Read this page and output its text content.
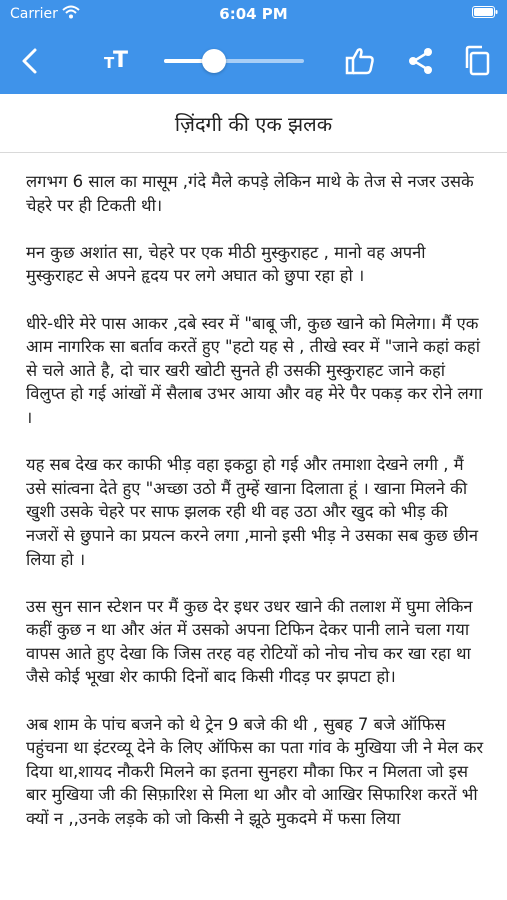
Carrier	6:04 PM
T
T
ज़िंदगी की एक झलक

लगभग 6 साल का मासूम ,गंदे मैले कपड़े लेकिन माथे के तेज से नजर उसके चेहरे पर ही टिकती थी।

मन कुछ अशांत सा, चेहरे पर एक मीठी मुस्कुराहट , मानो वह अपनी मुस्कुराहट से अपने हृदय पर लगे अघात को छुपा रहा हो ।

धीरे-धीरे मेरे पास आकर ,दबे स्वर में "बाबू जी, कुछ खाने को मिलेगा। मैं एक आम नागरिक सा बर्ताव करतें हुए "हटो यह से , तीखे स्वर में "जाने कहां कहां से चले आते है, दो चार खरी खोटी सुनते ही उसकी मुस्कुराहट जाने कहां विलुप्त हो गई आंखों में सैलाब उभर आया और वह मेरे पैर पकड़ कर रोने लगा ।

यह सब देख कर काफी भीड़ वहा इकट्ठा हो गई और तमाशा देखने लगी , मैं उसे सांत्वना देते हुए "अच्छा उठो मैं तुम्हें खाना दिलाता हूं । खाना मिलने की खुशी उसके चेहरे पर साफ झलक रही थी वह उठा और खुद को भीड़ की नजरों से छुपाने का प्रयत्न करने लगा ,मानो इसी भीड़ ने उसका सब कुछ छीन लिया हो ।

उस सुन सान स्टेशन पर मैं कुछ देर इधर उधर खाने की तलाश में घुमा लेकिन कहीं कुछ न था और अंत में उसको अपना टिफिन देकर पानी लाने चला गया वापस आते हुए देखा कि जिस तरह वह रोटियों को नोच नोच कर खा रहा था जैसे कोई भूखा शेर काफी दिनों बाद किसी गीदड़ पर झपटा हो।

अब शाम के पांच बजने को थे ट्रेन 9 बजे की थी , सुबह 7 बजे ऑफिस पहुंचना था इंटरव्यू देने के लिए ऑफिस का पता गांव के मुखिया जी ने मेल कर दिया था,शायद नौकरी मिलने का इतना सुनहरा मौका फिर न मिलता जो इस बार मुखिया जी की सिफ़ारिश से मिला था और वो आखिर सिफारिश करतें भी क्यों न ,,उनके लड़के को जो किसी ने झूठे मुकदमे में फसा लिया
